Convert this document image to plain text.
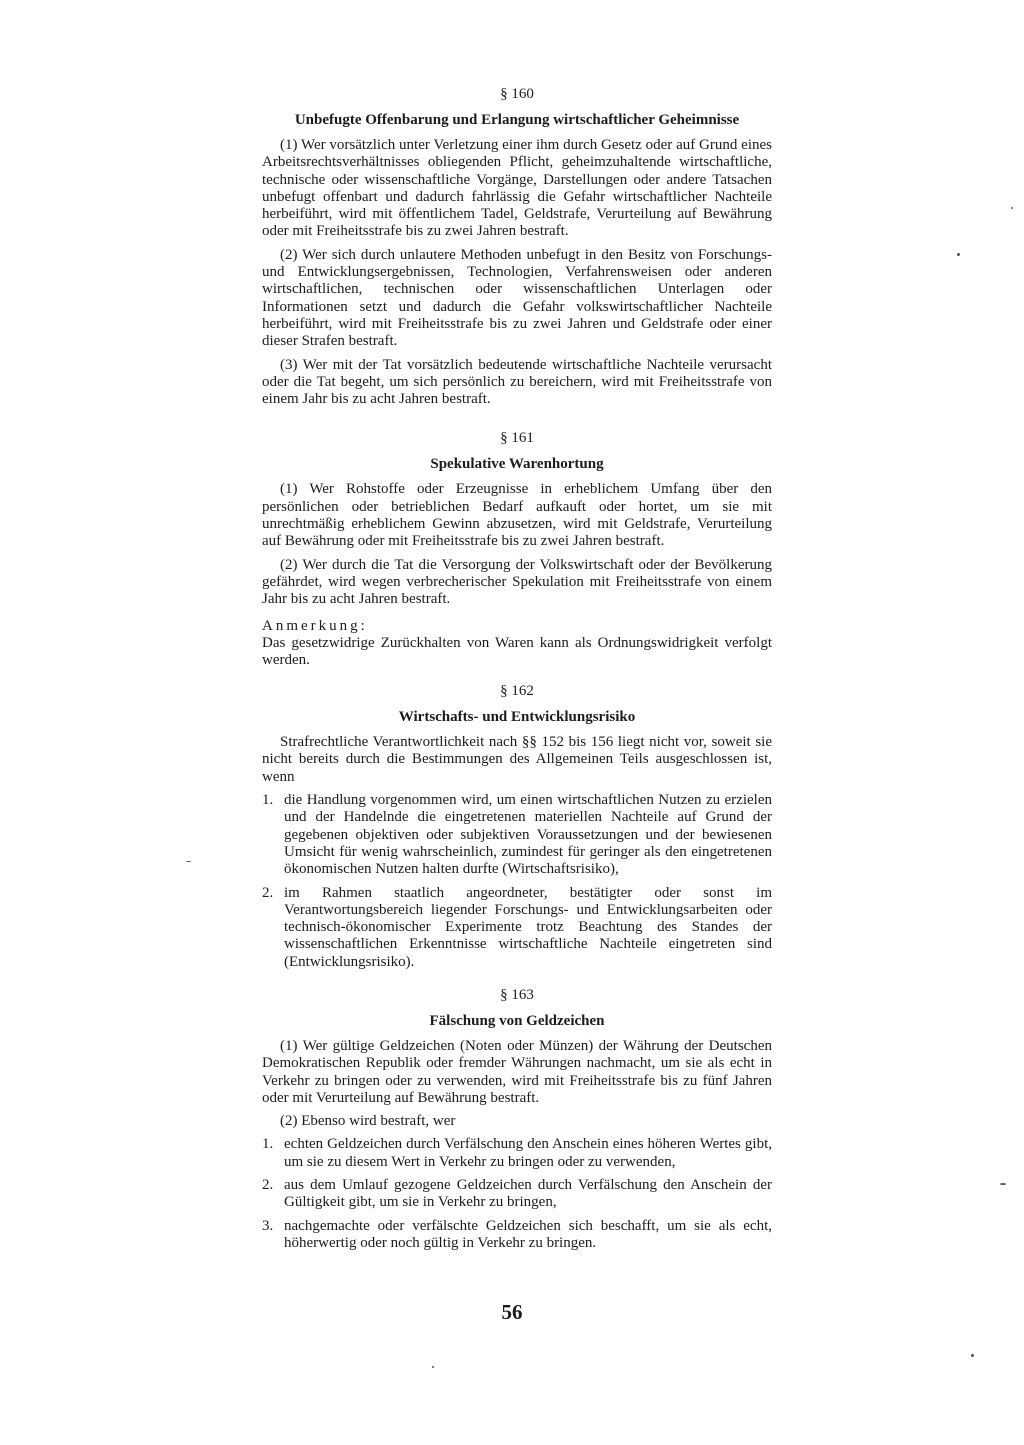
§ 160
Unbefugte Offenbarung und Erlangung wirtschaftlicher Geheimnisse

(1) Wer vorsätzlich unter Verletzung einer ihm durch Gesetz oder auf Grund eines Arbeitsrechtsverhältnisses obliegenden Pflicht, geheimzuhaltende wirtschaftliche, technische oder wissenschaftliche Vorgänge, Darstellungen oder andere Tatsachen unbefugt offenbart und dadurch fahrlässig die Gefahr wirtschaftlicher Nachteile herbeiführt, wird mit öffentlichem Tadel, Geldstrafe, Verurteilung auf Bewährung oder mit Freiheitsstrafe bis zu zwei Jahren bestraft.

(2) Wer sich durch unlautere Methoden unbefugt in den Besitz von Forschungs- und Entwicklungsergebnissen, Technologien, Verfahrensweisen oder anderen wirtschaftlichen, technischen oder wissenschaftlichen Unterlagen oder Informationen setzt und dadurch die Gefahr volkswirtschaftlicher Nachteile herbeiführt, wird mit Freiheitsstrafe bis zu zwei Jahren und Geldstrafe oder einer dieser Strafen bestraft.

(3) Wer mit der Tat vorsätzlich bedeutende wirtschaftliche Nachteile verursacht oder die Tat begeht, um sich persönlich zu bereichern, wird mit Freiheitsstrafe von einem Jahr bis zu acht Jahren bestraft.

§ 161
Spekulative Warenhortung

(1) Wer Rohstoffe oder Erzeugnisse in erheblichem Umfang über den persönlichen oder betrieblichen Bedarf aufkauft oder hortet, um sie mit unrechtmäßig erheblichem Gewinn abzusetzen, wird mit Geldstrafe, Verurteilung auf Bewährung oder mit Freiheitsstrafe bis zu zwei Jahren bestraft.

(2) Wer durch die Tat die Versorgung der Volkswirtschaft oder der Bevölkerung gefährdet, wird wegen verbrecherischer Spekulation mit Freiheitsstrafe von einem Jahr bis zu acht Jahren bestraft.

Anmerkung:

Das gesetzwidrige Zurückhalten von Waren kann als Ordnungswidrigkeit verfolgt werden.

§ 162
Wirtschafts- und Entwicklungsrisiko

Strafrechtliche Verantwortlichkeit nach §§ 152 bis 156 liegt nicht vor, soweit sie nicht bereits durch die Bestimmungen des Allgemeinen Teils ausgeschlossen ist, wenn

1. die Handlung vorgenommen wird, um einen wirtschaftlichen Nutzen zu erzielen und der Handelnde die eingetretenen materiellen Nachteile auf Grund der gegebenen objektiven oder subjektiven Voraussetzungen und der bewiesenen Umsicht für wenig wahrscheinlich, zumindest für geringer als den eingetretenen ökonomischen Nutzen halten durfte (Wirtschaftsrisiko),
2. im Rahmen staatlich angeordneter, bestätigter oder sonst im Verantwortungsbereich liegender Forschungs- und Entwicklungsarbeiten oder technisch-ökonomischer Experimente trotz Beachtung des Standes der wissenschaftlichen Erkenntnisse wirtschaftliche Nachteile eingetreten sind (Entwicklungsrisiko).
§ 163
Fälschung von Geldzeichen

(1) Wer gültige Geldzeichen (Noten oder Münzen) der Währung der Deutschen Demokratischen Republik oder fremder Währungen nachmacht, um sie als echt in Verkehr zu bringen oder zu verwenden, wird mit Freiheitsstrafe bis zu fünf Jahren oder mit Verurteilung auf Bewährung bestraft.

(2) Ebenso wird bestraft, wer

1. echten Geldzeichen durch Verfälschung den Anschein eines höheren Wertes gibt, um sie zu diesem Wert in Verkehr zu bringen oder zu verwenden,
2. aus dem Umlauf gezogene Geldzeichen durch Verfälschung den Anschein der Gültigkeit gibt, um sie in Verkehr zu bringen,
3. nachgemachte oder verfälschte Geldzeichen sich beschafft, um sie als echt, höherwertig oder noch gültig in Verkehr zu bringen.
56
